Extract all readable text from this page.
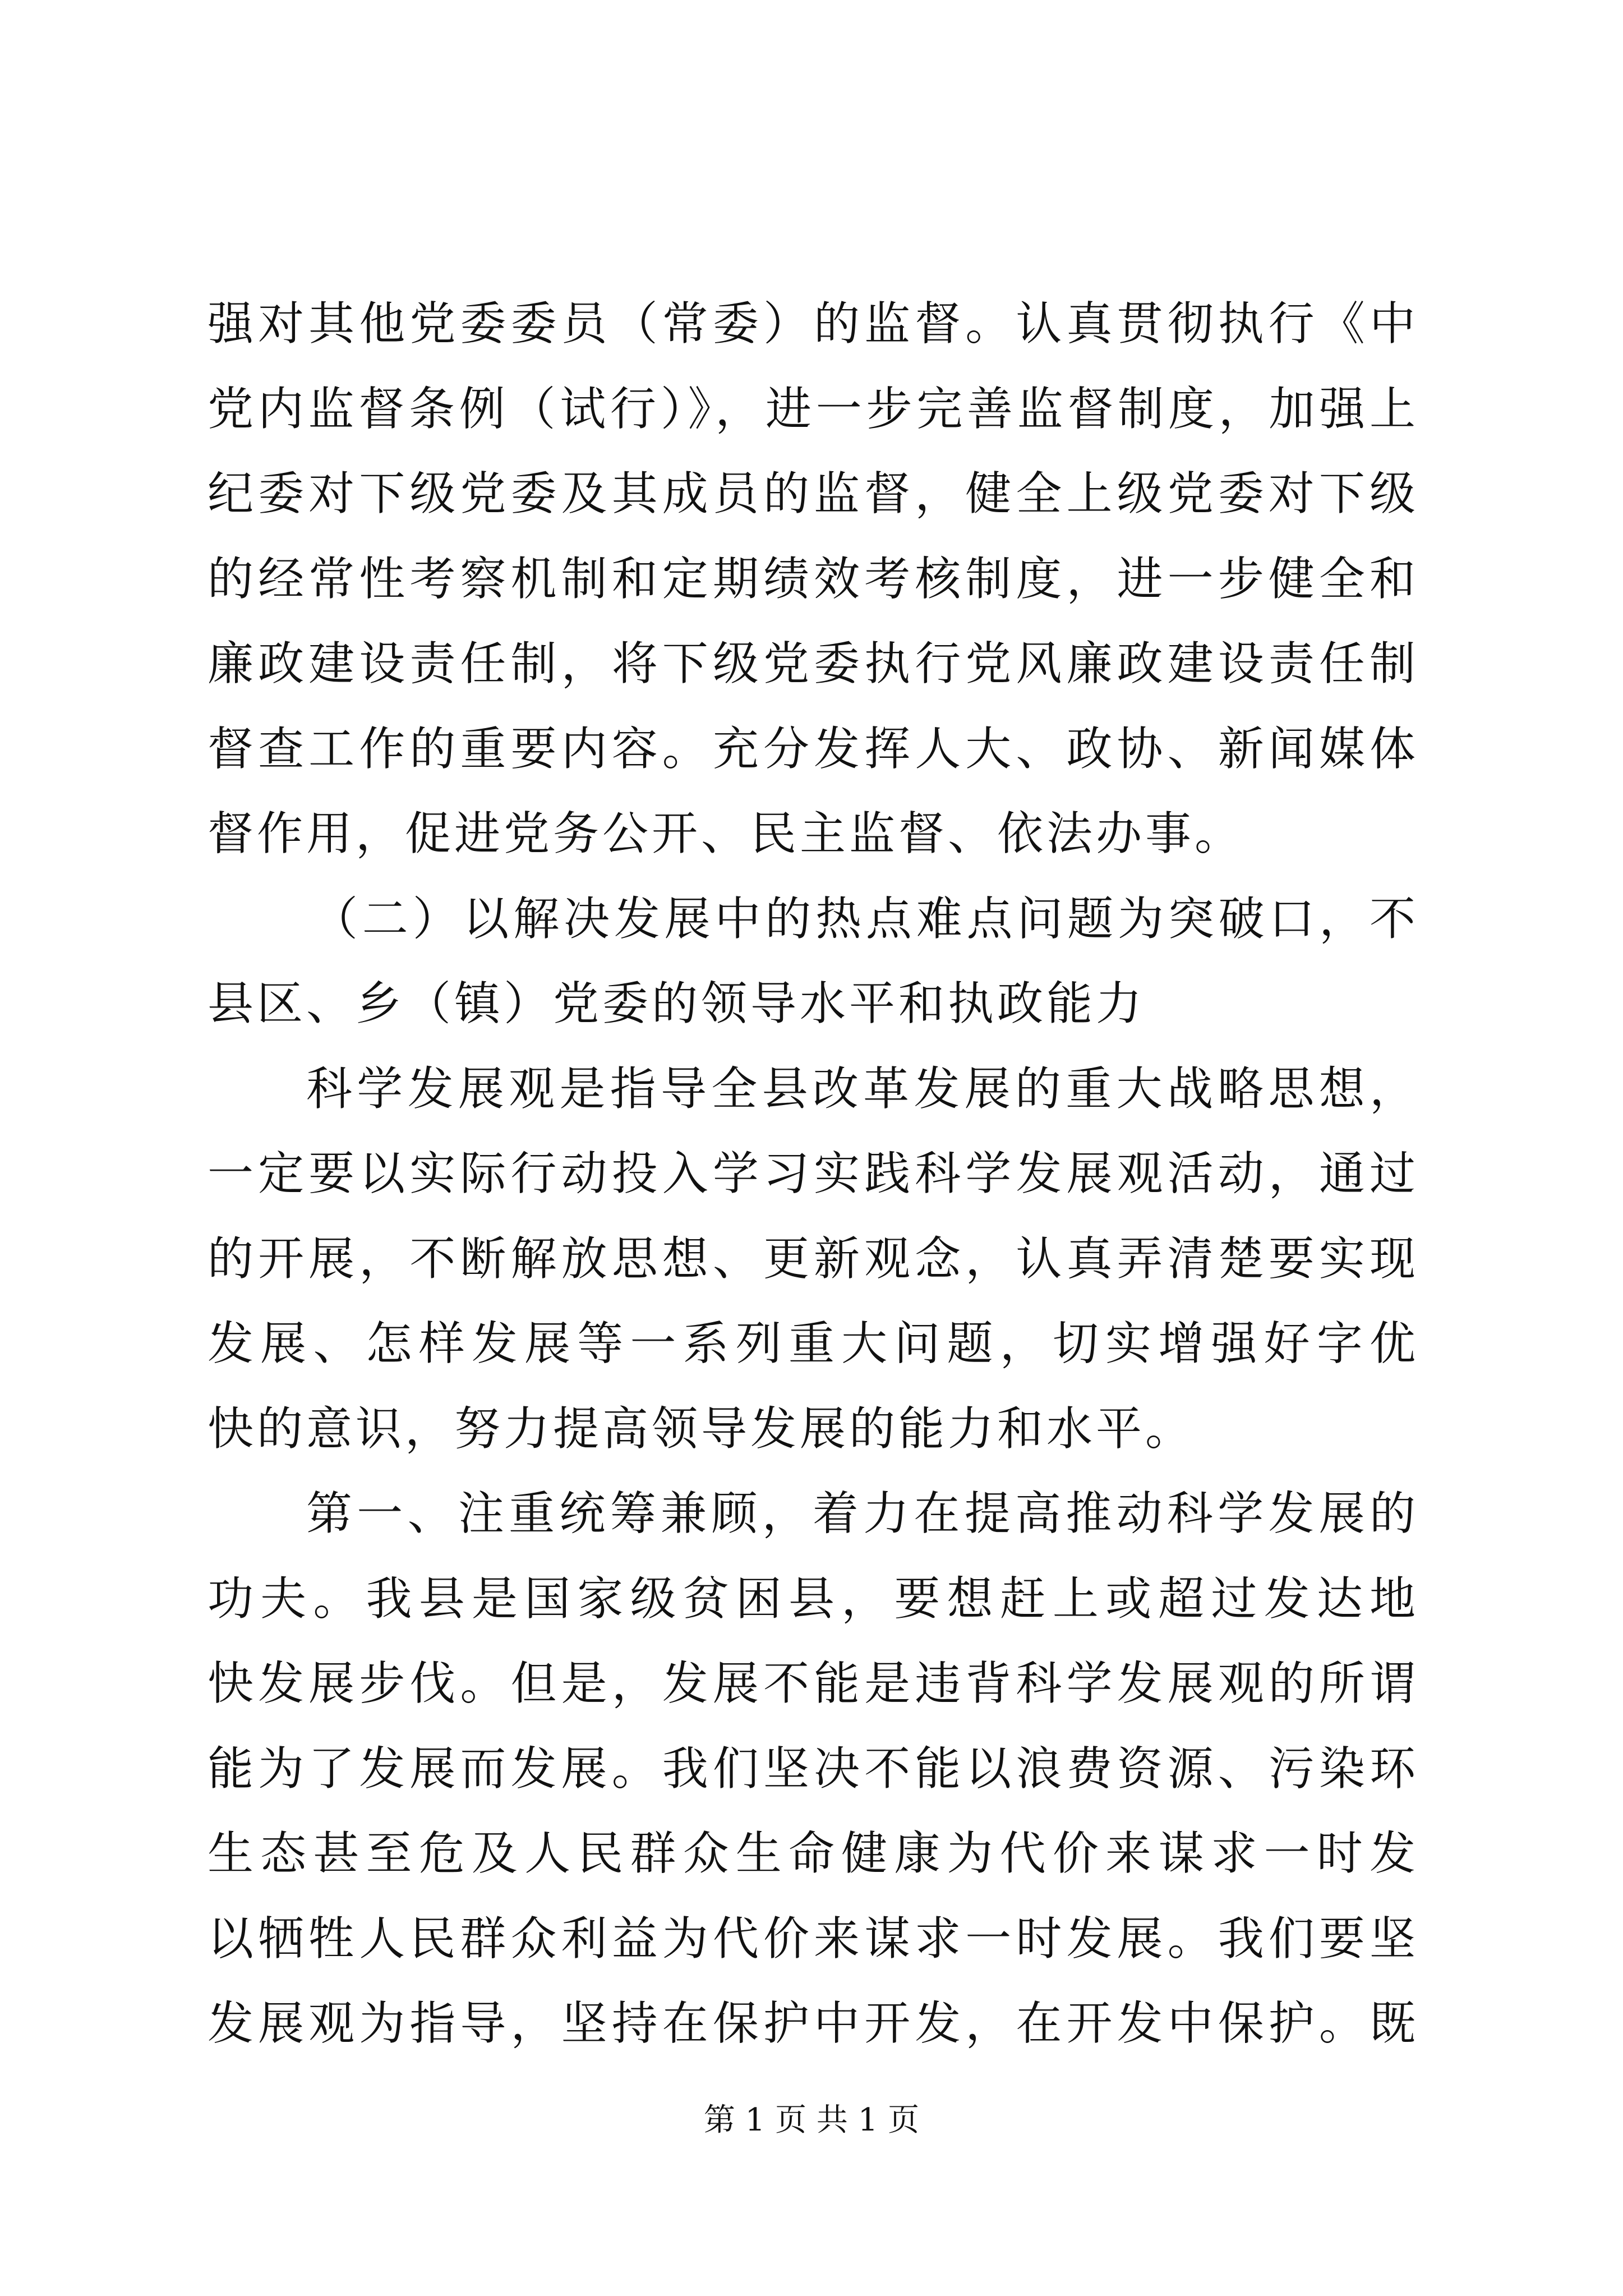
强对其他党委委员（常委）的监督。认真贯彻执行《中
党内监督条例（试行）》，进一步完善监督制度，加强上
纪委对下级党委及其成员的监督，健全上级党委对下级
的经常性考察机制和定期绩效考核制度，进一步健全和
廉政建设责任制，将下级党委执行党风廉政建设责任制
督查工作的重要内容。充分发挥人大、政协、新闻媒体
督作用，促进党务公开、民主监督、依法办事。
（二）以解决发展中的热点难点问题为突破口，不
县区、乡（镇）党委的领导水平和执政能力
科学发展观是指导全县改革发展的重大战略思想，
一定要以实际行动投入学习实践科学发展观活动，通过
的开展，不断解放思想、更新观念，认真弄清楚要实现
发展、怎样发展等一系列重大问题，切实增强好字优
快的意识，努力提高领导发展的能力和水平。
第一、注重统筹兼顾，着力在提高推动科学发展的
功夫。我县是国家级贫困县，要想赶上或超过发达地
快发展步伐。但是，发展不能是违背科学发展观的所谓
能为了发展而发展。我们坚决不能以浪费资源、污染环
生态甚至危及人民群众生命健康为代价来谋求一时发
以牺牲人民群众利益为代价来谋求一时发展。我们要坚
发展观为指导，坚持在保护中开发，在开发中保护。既
第 1 页 共 1 页
